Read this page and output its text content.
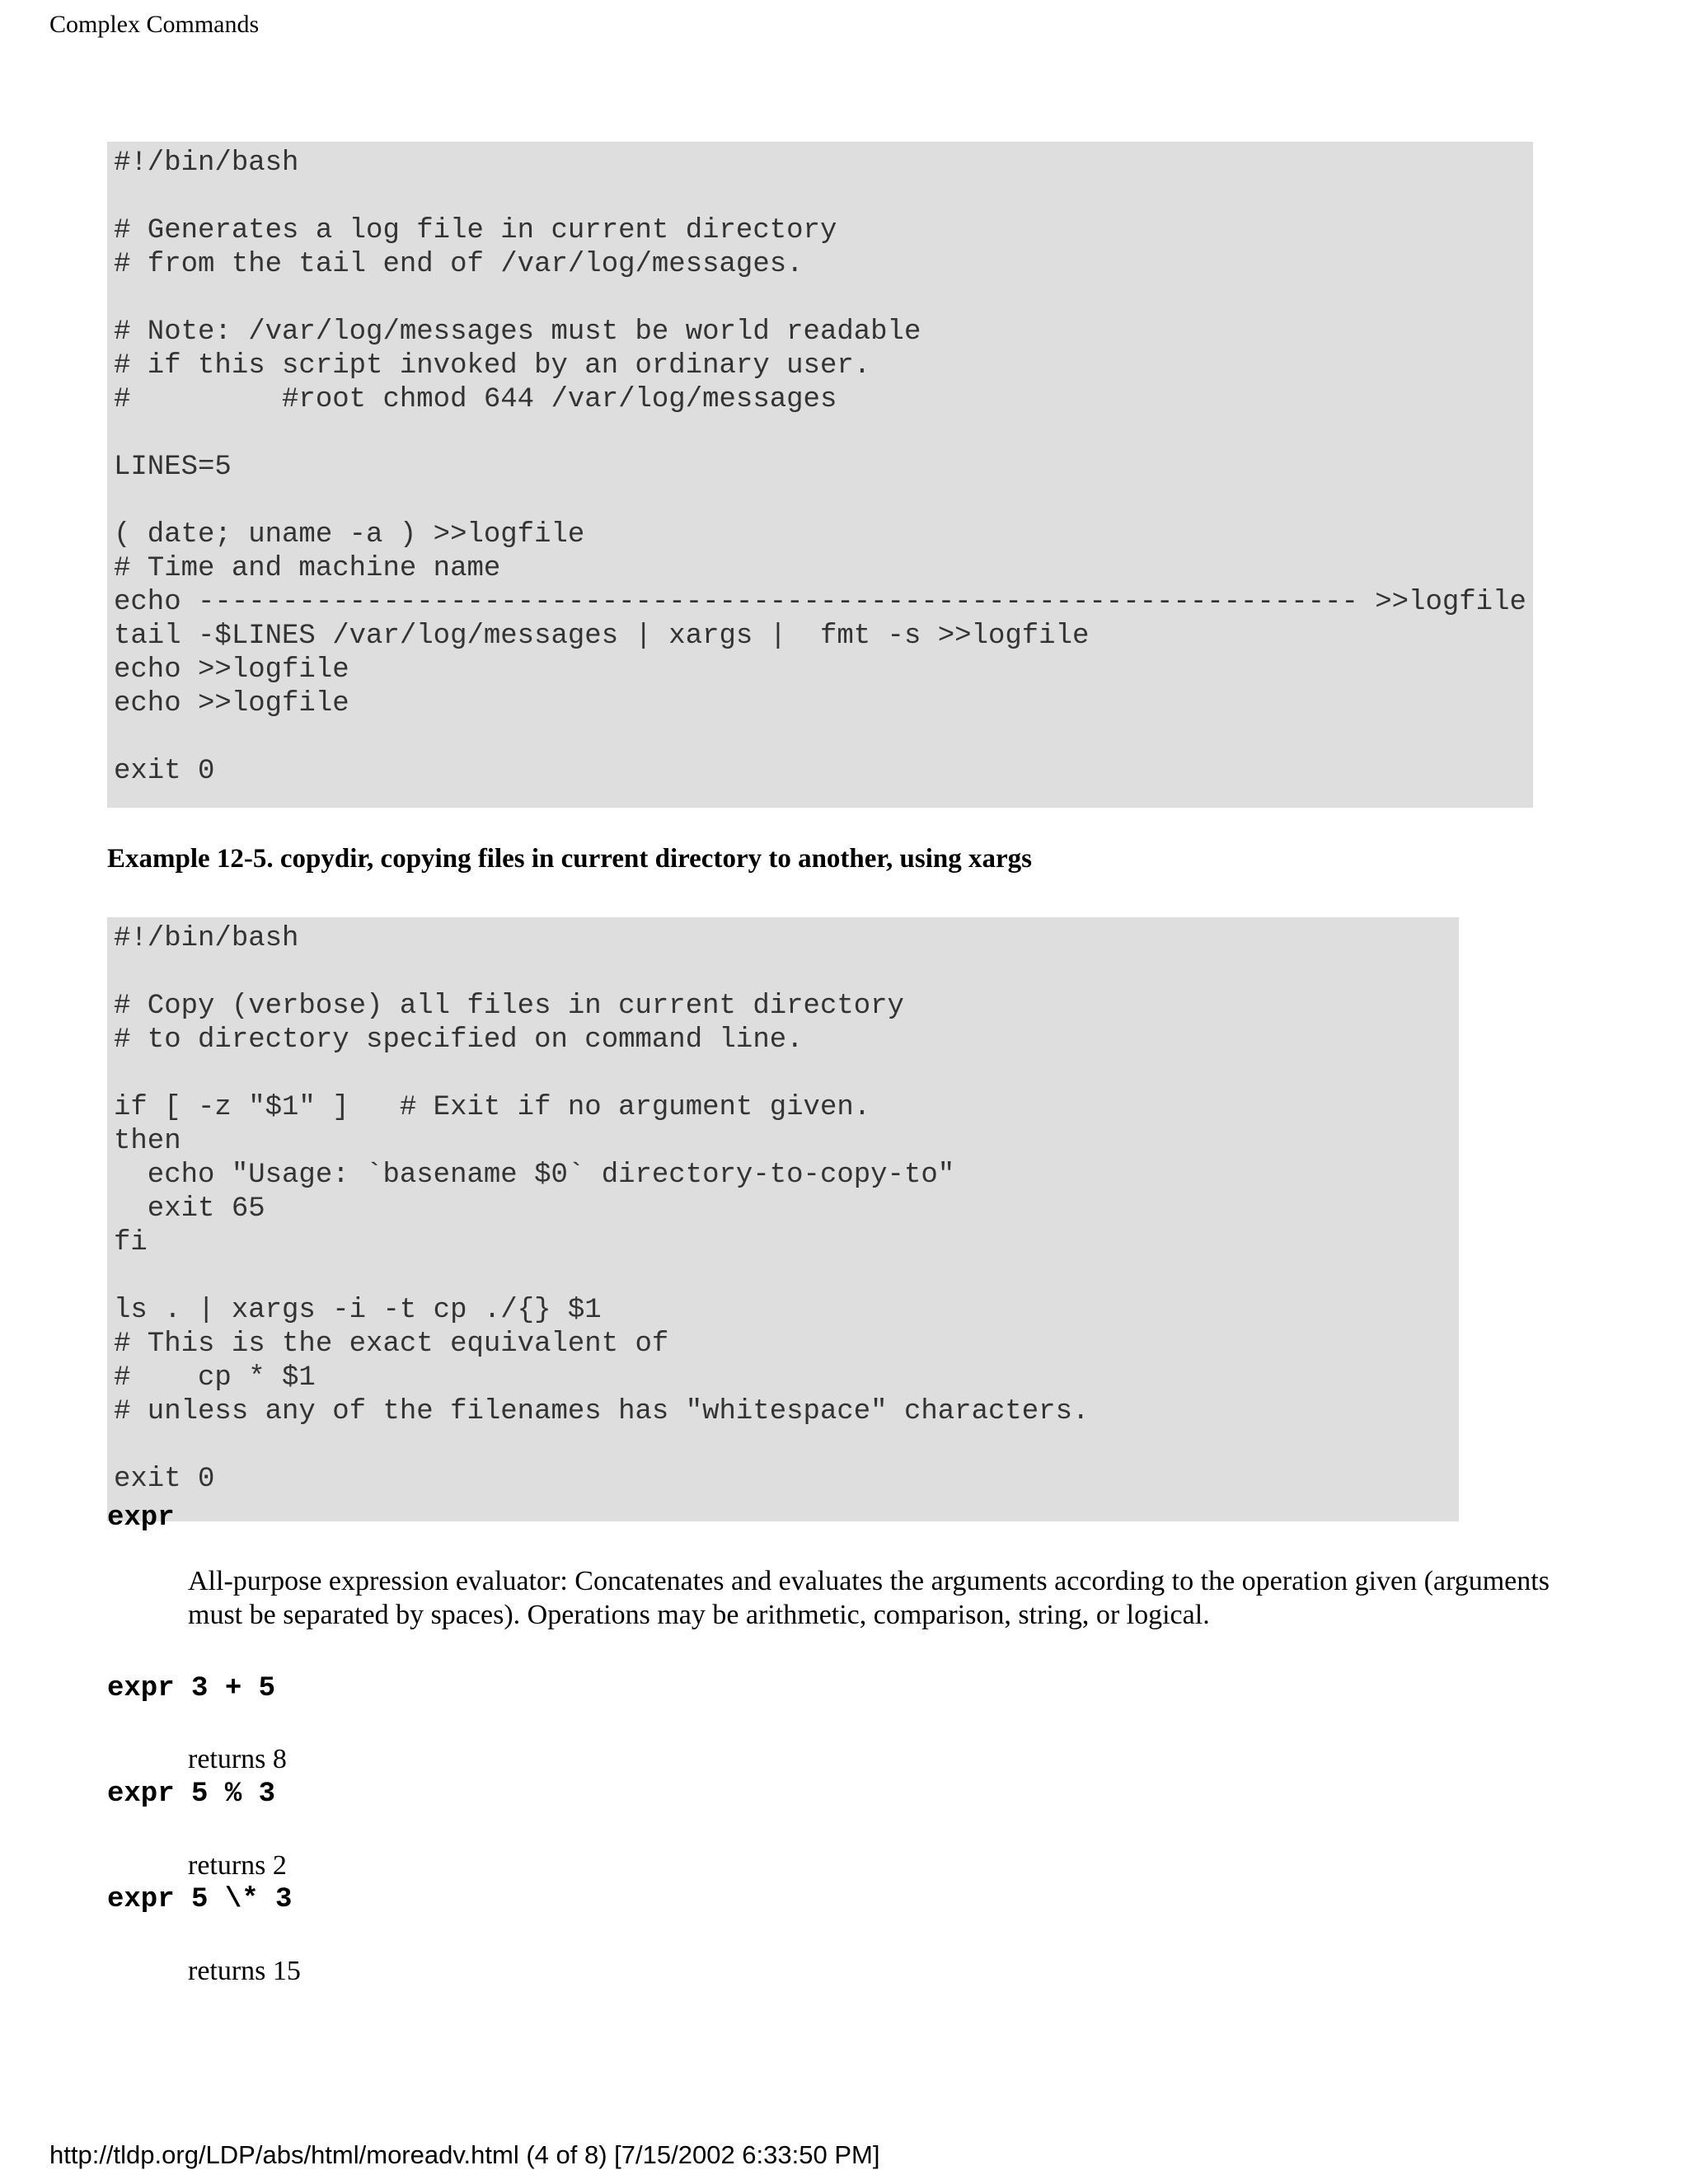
Complex Commands
#!/bin/bash

# Generates a log file in current directory
# from the tail end of /var/log/messages.

# Note: /var/log/messages must be world readable
# if this script invoked by an ordinary user.
#         #root chmod 644 /var/log/messages

LINES=5

( date; uname -a ) >>logfile
# Time and machine name
echo --------------------------------------------------------------------- >>logfile
tail -$LINES /var/log/messages | xargs |  fmt -s >>logfile
echo >>logfile
echo >>logfile

exit 0
Example 12-5. copydir, copying files in current directory to another, using xargs
#!/bin/bash

# Copy (verbose) all files in current directory
# to directory specified on command line.

if [ -z "$1" ]   # Exit if no argument given.
then
echo "Usage: `basename $0` directory-to-copy-to"
exit 65
fi

ls . | xargs -i -t cp ./{} $1
# This is the exact equivalent of
#    cp * $1
# unless any of the filenames has "whitespace" characters.

exit 0
expr
All-purpose expression evaluator: Concatenates and evaluates the arguments according to the operation given (arguments must be separated by spaces). Operations may be arithmetic, comparison, string, or logical.
expr 3 + 5
returns 8
expr 5 % 3
returns 2
expr 5 \* 3
returns 15
http://tldp.org/LDP/abs/html/moreadv.html (4 of 8) [7/15/2002 6:33:50 PM]
